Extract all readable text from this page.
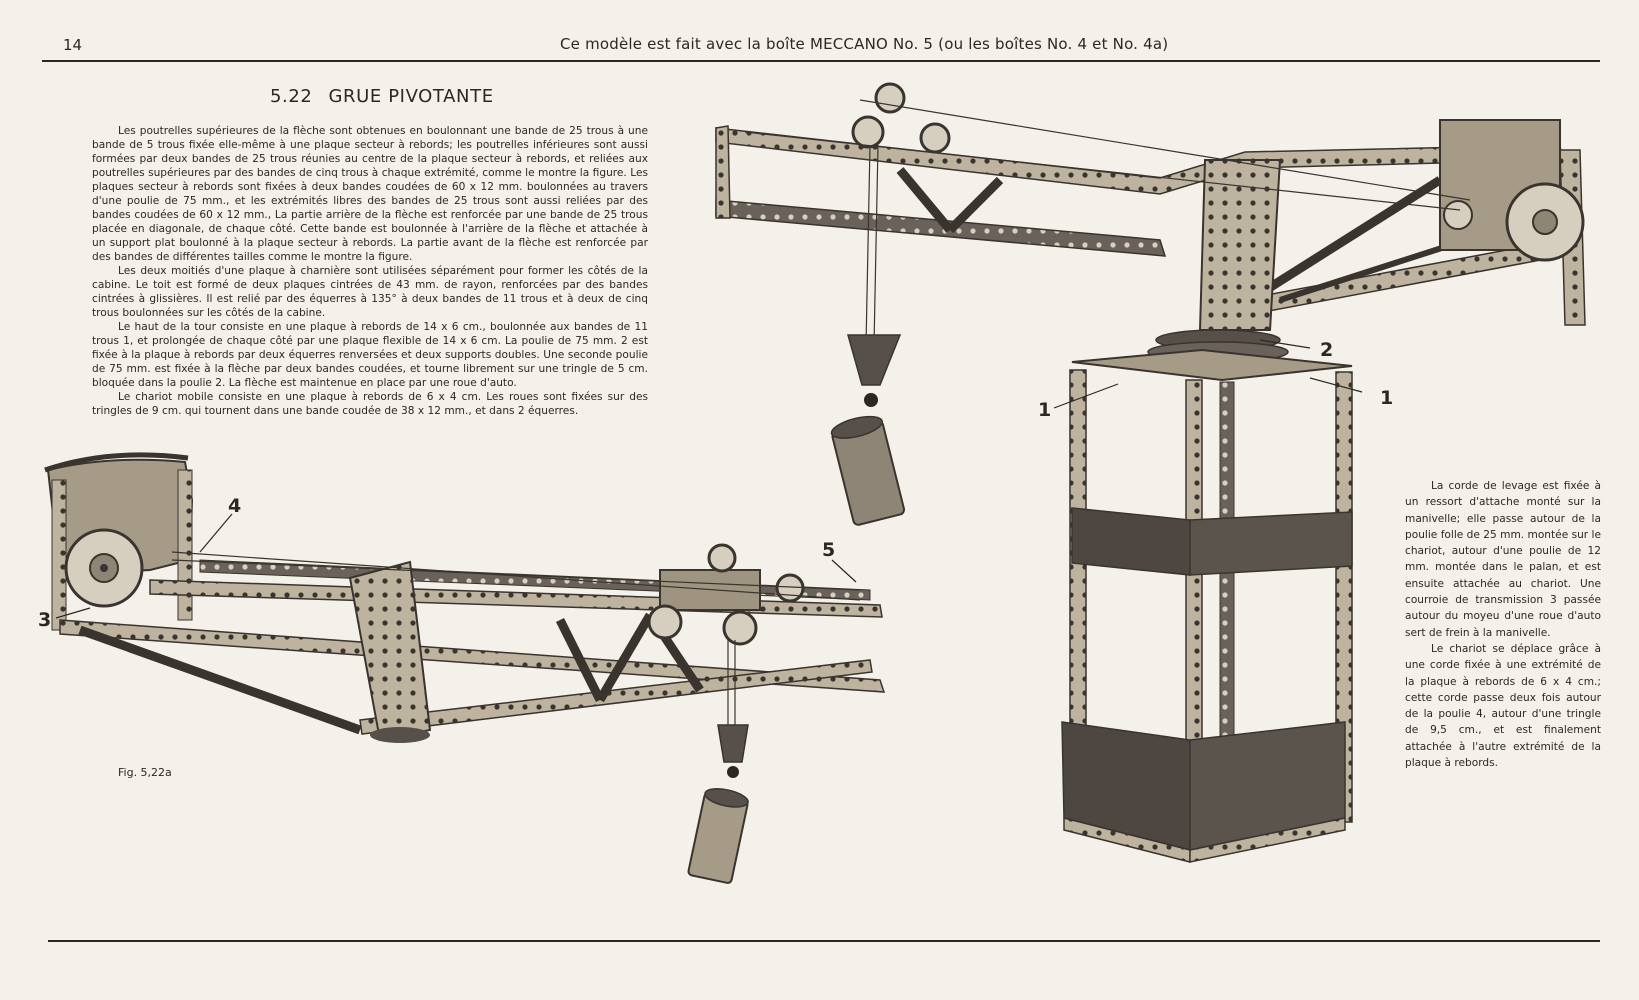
14	Ce modèle est fait avec la boîte MECCANO No. 5 (ou les boîtes No. 4 et No. 4a)
5.22 GRUE PIVOTANTE

Les poutrelles supérieures de la flèche sont obtenues en boulonnant une bande de 25 trous à une bande de 5 trous fixée elle-même à une plaque secteur à rebords; les poutrelles inférieures sont aussi formées par deux bandes de 25 trous réunies au centre de la plaque secteur à rebords, et reliées aux poutrelles supérieures par des bandes de cinq trous à chaque extrémité, comme le montre la figure. Les plaques secteur à rebords sont fixées à deux bandes coudées de 60 x 12 mm. boulonnées au travers d'une poulie de 75 mm., et les extrémités libres des bandes de 25 trous sont aussi reliées par des bandes coudées de 60 x 12 mm., La partie arrière de la flèche est renforcée par une bande de 25 trous placée en diagonale, de chaque côté. Cette bande est boulonnée à l'arrière de la flèche et attachée à un support plat boulonné à la plaque secteur à rebords. La partie avant de la flèche est renforcée par des bandes de différentes tailles comme le montre la figure.

Les deux moitiés d'une plaque à charnière sont utilisées séparément pour former les côtés de la cabine. Le toit est formé de deux plaques cintrées de 43 mm. de rayon, renforcées par des bandes cintrées à glissières. Il est relié par des équerres à 135° à deux bandes de 11 trous et à deux de cinq trous boulonnées sur les côtés de la cabine.

Le haut de la tour consiste en une plaque à rebords de 14 x 6 cm., boulonnée aux bandes de 11 trous 1, et prolongée de chaque côté par une plaque flexible de 14 x 6 cm. La poulie de 75 mm. 2 est fixée à la plaque à rebords par deux équerres renversées et deux supports doubles. Une seconde poulie de 75 mm. est fixée à la flèche par deux bandes coudées, et tourne librement sur une tringle de 5 cm. bloquée dans la poulie 2. La flèche est maintenue en place par une roue d'auto.

Le chariot mobile consiste en une plaque à rebords de 6 x 4 cm. Les roues sont fixées sur des tringles de 9 cm. qui tournent dans une bande coudée de 38 x 12 mm., et dans 2 équerres.	1
1
2
3
4
5

La corde de levage est fixée à un ressort d'attache monté sur la manivelle; elle passe autour de la poulie folle de 25 mm. montée sur le chariot, autour d'une poulie de 12 mm. montée dans le palan, et est ensuite attachée au chariot. Une courroie de transmission 3 passée autour du moyeu d'une roue d'auto sert de frein à la manivelle.

Le chariot se déplace grâce à une corde fixée à une extrémité de la plaque à rebords de 6 x 4 cm.; cette corde passe deux fois autour de la poulie 4, autour d'une tringle de 9,5 cm., et est finalement attachée à l'autre extrémité de la plaque à rebords.

Fig. 5,22a
